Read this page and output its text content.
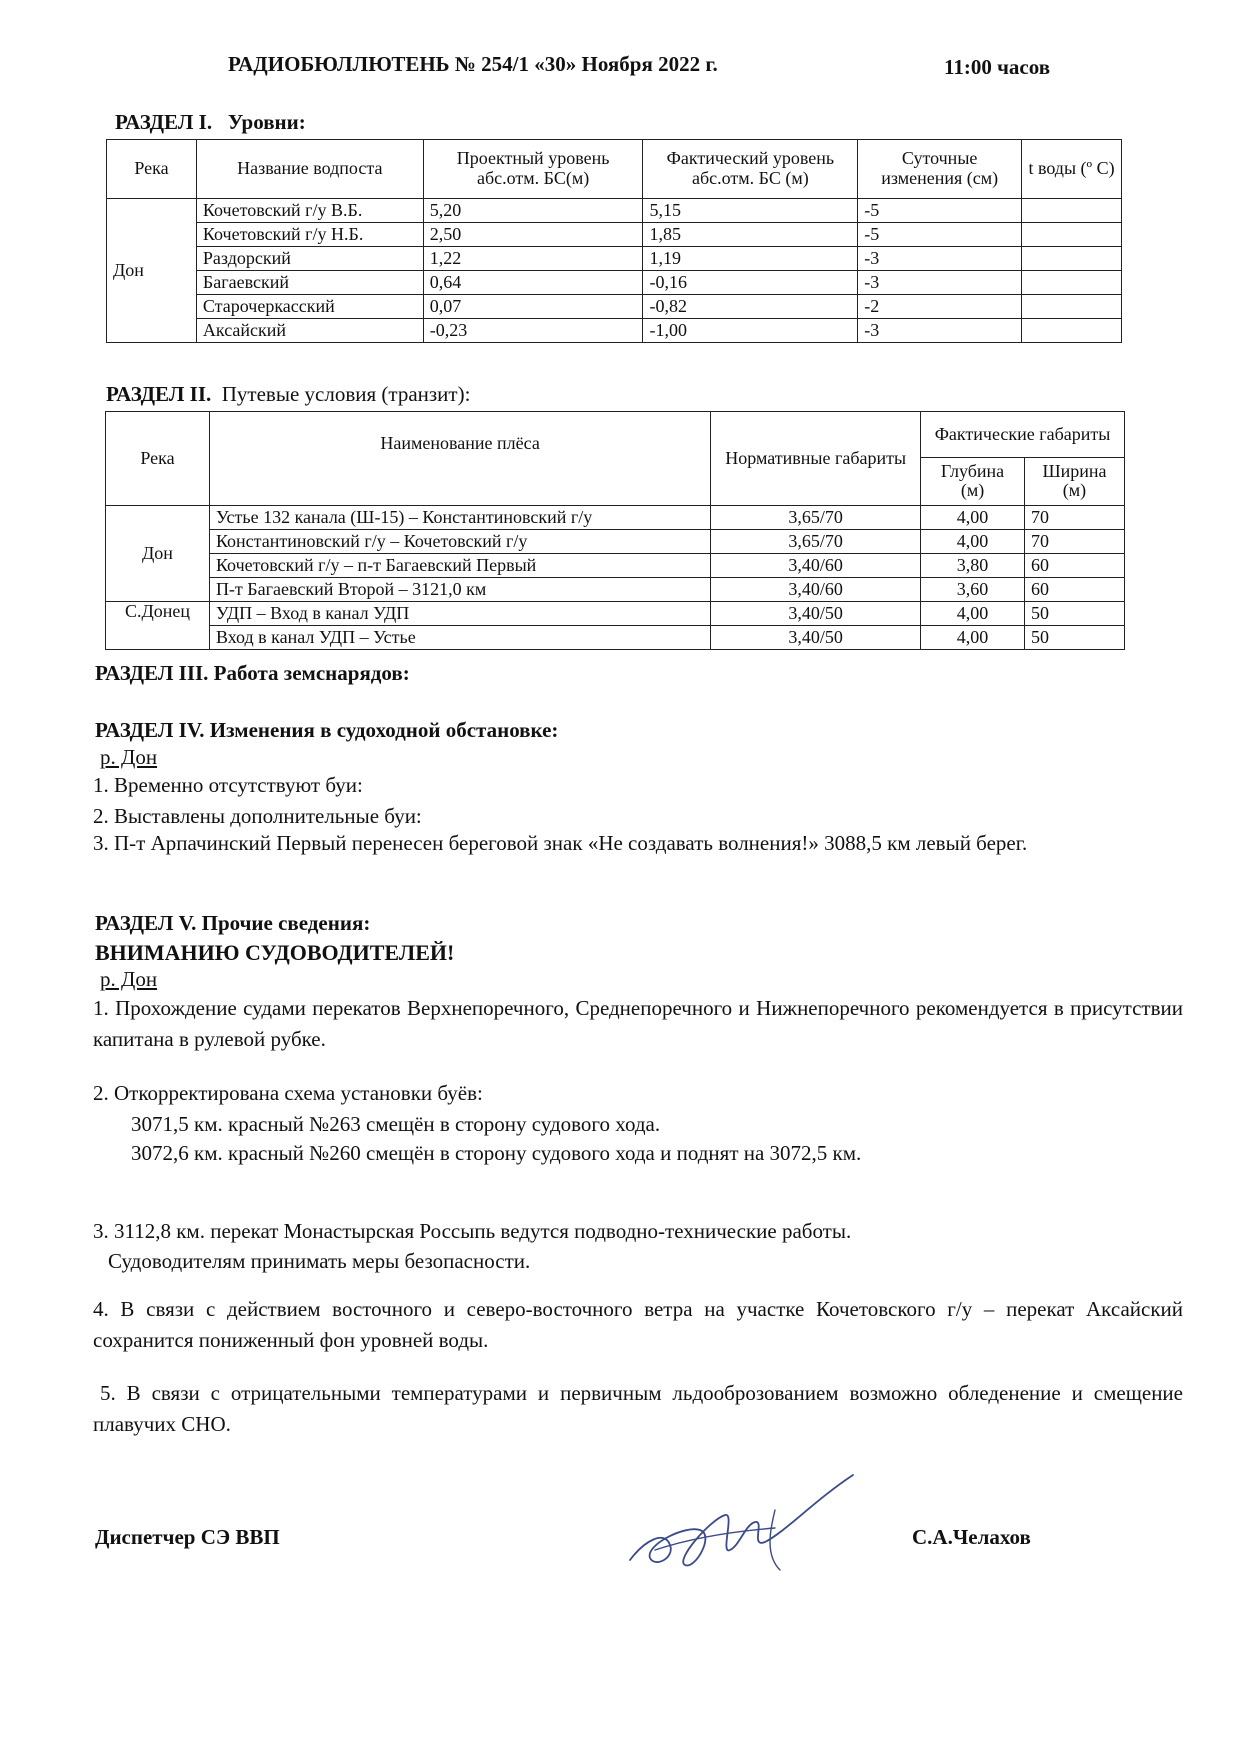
РАДИОБЮЛЛЮТЕНЬ № 254/1 «30» Ноября 2022 г.	11:00 часов
РАЗДЕЛ I. Уровни:
Река	Название водпоста	Проектный уровень абс.отм. БС(м)	Фактический уровень абс.отм. БС (м)	Суточные изменения (см)	t воды (º C)
Дон	Кочетовский г/у В.Б.	5,20	5,15	-5	
	Кочетовский г/у Н.Б.	2,50	1,85	-5	
	Раздорский	1,22	1,19	-3	
	Багаевский	0,64	-0,16	-3	
	Старочеркасский	0,07	-0,82	-2	
	Аксайский	-0,23	-1,00	-3	
РАЗДЕЛ II. Путевые условия (транзит):
Река	Наименование плёса	Нормативные габариты	Фактические габариты	
			Глубина (м)	Ширина (м)
Дон	Устье 132 канала (Ш-15) – Константиновский г/у	3,65/70	4,00	70
	Константиновский г/у – Кочетовский г/у	3,65/70	4,00	70
	Кочетовский г/у – п-т Багаевский Первый	3,40/60	3,80	60
	П-т Багаевский Второй – 3121,0 км	3,40/60	3,60	60
С.Донец	УДП – Вход в канал УДП	3,40/50	4,00	50
	Вход в канал УДП – Устье	3,40/50	4,00	50
РАЗДЕЛ III. Работа земснарядов:
РАЗДЕЛ IV. Изменения в судоходной обстановке:
р. Дон
1. Временно отсутствуют буи:
2. Выставлены дополнительные буи:
3. П-т Арпачинский Первый перенесен береговой знак «Не создавать волнения!» 3088,5 км левый берег.
РАЗДЕЛ V. Прочие сведения:
ВНИМАНИЮ СУДОВОДИТЕЛЕЙ!
р. Дон
1. Прохождение судами перекатов Верхнепоречного, Среднепоречного и Нижнепоречного рекомендуется в присутствии капитана в рулевой рубке.
2. Откорректирована схема установки буёв:
3071,5 км. красный №263 смещён в сторону судового хода.
3072,6 км. красный №260 смещён в сторону судового хода и поднят на 3072,5 км.
3. 3112,8 км. перекат Монастырская Россыпь ведутся подводно-технические работы.
Судоводителям принимать меры безопасности.
4. В связи с действием восточного и северо-восточного ветра на участке Кочетовского г/у – перекат Аксайский сохранится пониженный фон уровней воды.
5. В связи с отрицательными температурами и первичным льдооброзованием возможно обледенение и смещение плавучих СНО.
Диспетчер СЭ ВВП	С.А.Челахов
